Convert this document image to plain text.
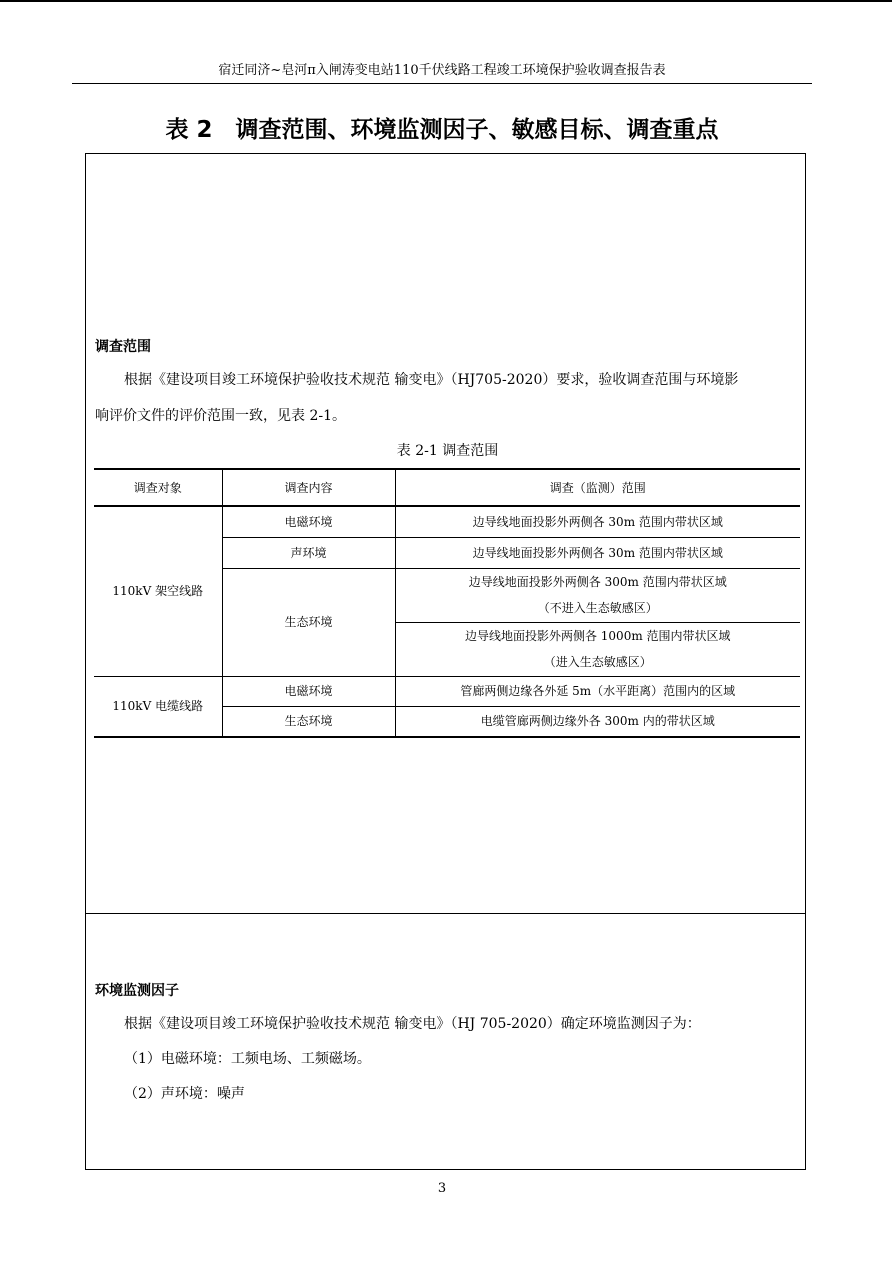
宿迁同济~皂河π入闸涛变电站110千伏线路工程竣工环境保护验收调查报告表
表 2　调查范围、环境监测因子、敏感目标、调查重点
调查范围
根据《建设项目竣工环境保护验收技术规范 输变电》（HJ705-2020）要求，验收调查范围与环境影
响评价文件的评价范围一致，见表 2-1。
表 2-1 调查范围
调查对象	调查内容	调查（监测）范围
110kV 架空线路	电磁环境	边导线地面投影外两侧各 30m 范围内带状区域
	声环境	边导线地面投影外两侧各 30m 范围内带状区域
	生态环境	边导线地面投影外两侧各 300m 范围内带状区域
（不进入生态敏感区）

		边导线地面投影外两侧各 1000m 范围内带状区域
（进入生态敏感区）

110kV 电缆线路	电磁环境	管廊两侧边缘各外延 5m（水平距离）范围内的区域
	生态环境	电缆管廊两侧边缘外各 300m 内的带状区域
环境监测因子
根据《建设项目竣工环境保护验收技术规范 输变电》（HJ 705-2020）确定环境监测因子为：
（1）电磁环境：工频电场、工频磁场。
（2）声环境：噪声
3
